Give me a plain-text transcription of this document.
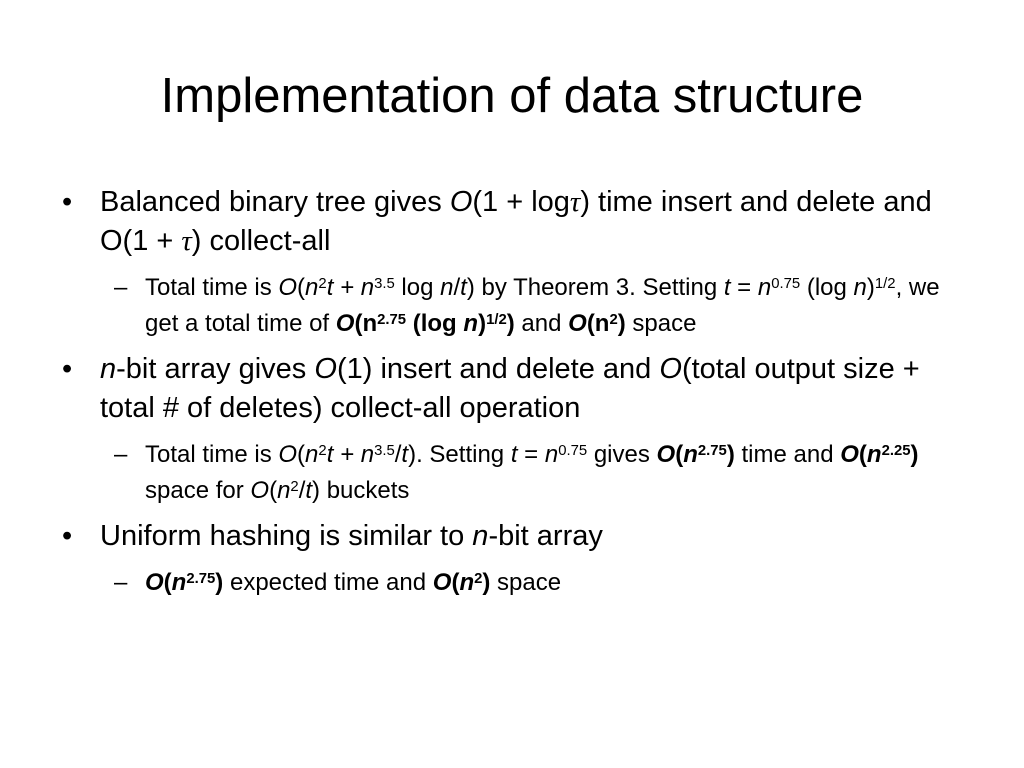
Implementation of data structure
• Balanced binary tree gives O(1 + logτ) time insert and delete and O(1 + τ) collect-all
– Total time is $O(n^2t + n^{3.5}$ log n/t) by Theorem 3. Setting $t = n^{0.75}$ (log n)$^{1/2}$, we get a total time of $O(n^{2.75}$ (log n)$^{1/2}$) and $O(n^2)$ space
• n-bit array gives O(1) insert and delete and O(total output size + total # of deletes) collect-all operation
– Total time is $O(n^2t + n^{3.5}/t)$. Setting $t = n^{0.75}$ gives $O(n^{2.75})$ time and $O(n^{2.25})$ space for $O(n^2/t)$ buckets
• Uniform hashing is similar to n-bit array
– $O(n^{2.75})$ expected time and $O(n^2)$ space
